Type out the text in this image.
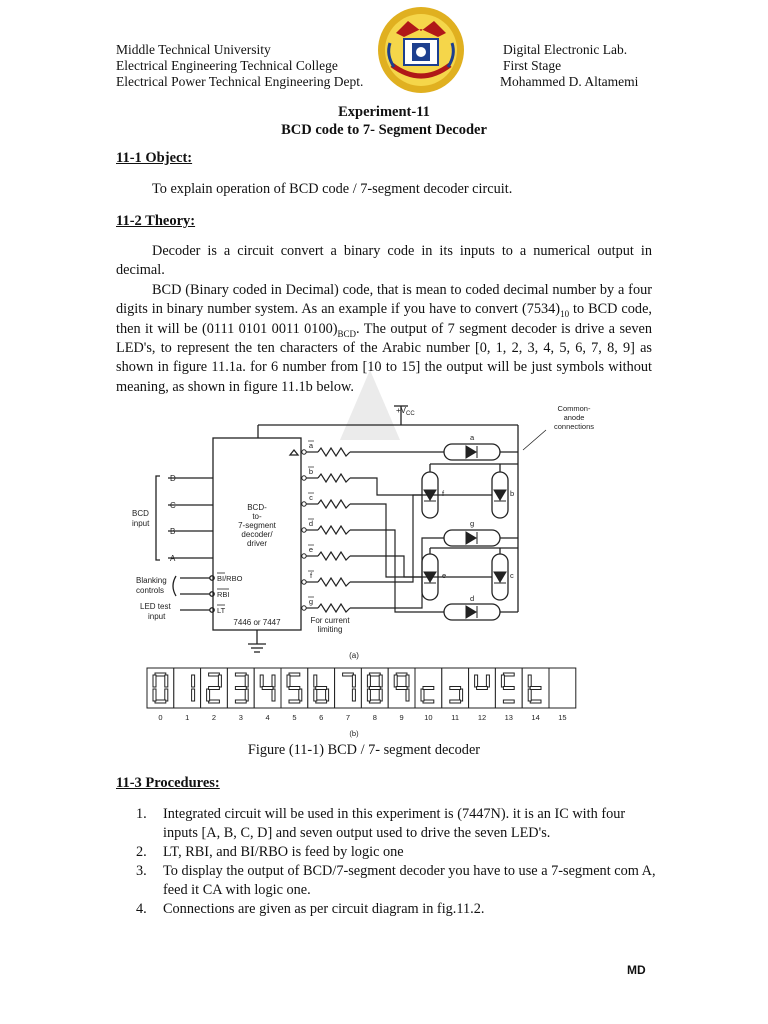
Middle Technical University
Electrical Engineering Technical College
Electrical Power Technical Engineering Dept.
Digital Electronic Lab.
First Stage
Mohammed D. Altamemi
Experiment-11
BCD code to 7- Segment Decoder
11-1 Object:

To explain operation of BCD code / 7-segment decoder circuit.

11-2 Theory:

Decoder is a circuit convert a binary code in its inputs to a numerical output in decimal.

BCD (Binary coded in Decimal) code, that is mean to coded decimal number by a four digits in binary number system. As an example if you have to convert $(7534)_{10}$ to BCD code, then it will be (0111 0101 0011 $0100)_{BCD}$. The output of 7 segment decoder is drive a seven LED's, to represent the ten characters of the Arabic number [0, 1, 2, 3, 4, 5, 6, 7, 8, 9] as shown in figure 11.1a. for 6 number from [10 to 15] the output will be just symbols without meaning, as shown in figure 11.1b below.

a
b
c
d
e
f
g
D
C
B
A
BCD
input
Blanking
controls
LED test
input
BI/RBO
RBI
LT
BCD-
to-
7-segment
decoder/
driver
7446 or 7447	For current
limiting
(a)
$+V_{CC}$
Common-
anode
connections
a
b
c
d
e
f
g
0	1	2	3	4	5	6	7	8	9	10 11 12 13 14 15
(b)
Figure (11-1) BCD / 7- segment decoder
11-3 Procedures:
1. Integrated circuit will be used in this experiment is (7447N). it is an IC with four inputs [A, B, C, D] and seven output used to drive the seven LED's.
2. LT, RBI, and BI/RBO is feed by logic one
3. To display the output of BCD/7-segment decoder you have to use a 7-segment com A, feed it CA with logic one.
4. Connections are given as per circuit diagram in fig.11.2.
MD
